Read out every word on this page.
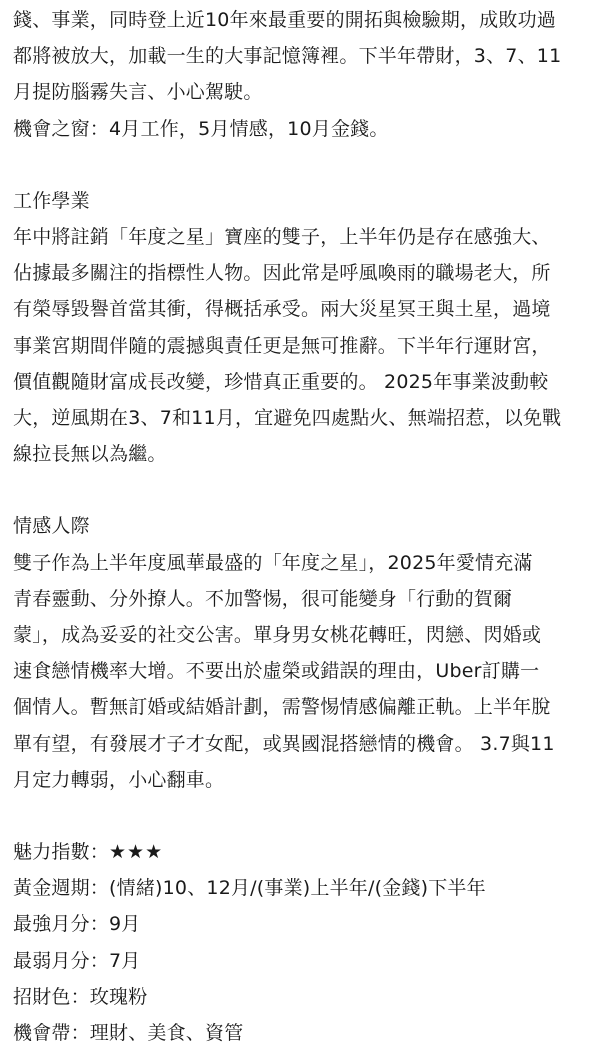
錢、事業，同時登上近10年來最重要的開拓與檢驗期，成敗功過

都將被放大，加載一生的大事記憶簿裡。下半年帶財，3、7、11

月提防腦霧失言、小心駕駛。

機會之窗：4月工作，5月情感，10月金錢。

工作學業

年中將註銷「年度之星」寶座的雙子，上半年仍是存在感強大、

佔據最多關注的指標性人物。因此常是呼風喚雨的職場老大，所

有榮辱毀譽首當其衝，得概括承受。兩大災星冥王與土星，過境

事業宮期間伴隨的震撼與責任更是無可推辭。下半年行運財宮，

價值觀隨財富成長改變，珍惜真正重要的。 2025年事業波動較

大，逆風期在3、7和11月，宜避免四處點火、無端招惹，以免戰

線拉長無以為繼。

情感人際

雙子作為上半年度風華最盛的「年度之星」，2025年愛情充滿

青春靈動、分外撩人。不加警惕，很可能變身「行動的賀爾

蒙」，成為妥妥的社交公害。單身男女桃花轉旺，閃戀、閃婚或

速食戀情機率大增。不要出於虛榮或錯誤的理由，Uber訂購一

個情人。暫無訂婚或結婚計劃，需警惕情感偏離正軌。上半年脫

單有望，有發展才子才女配，或異國混搭戀情的機會。 3.7與11

月定力轉弱，小心翻車。

魅力指數：★★★

黃金週期：(情緒)10、12月/(事業)上半年/(金錢)下半年

最強月分：9月

最弱月分：7月

招財色：玫瑰粉

機會帶：理財、美食、資管
